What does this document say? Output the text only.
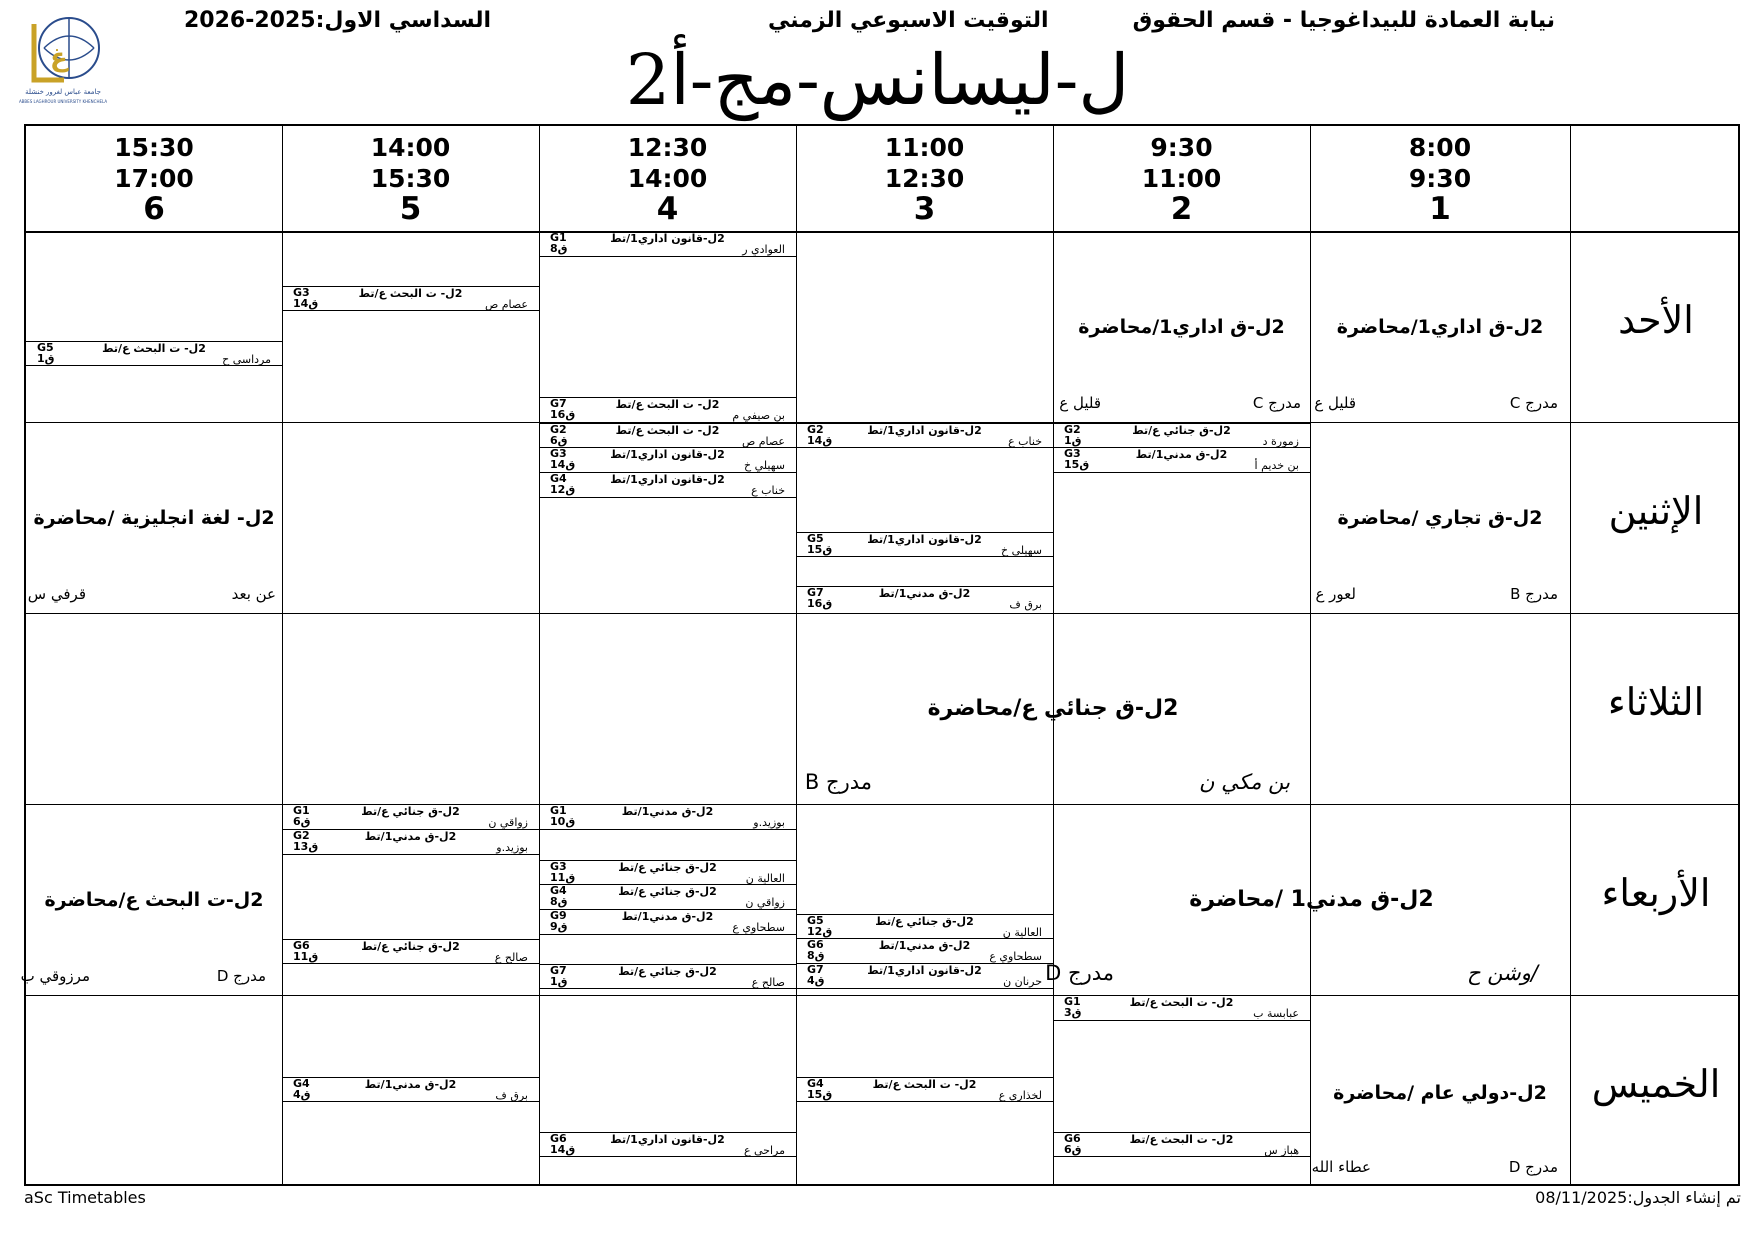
نيابة العمادة للبيداغوجيا - قسم الحقوق
التوقيت الاسبوعي الزمني
السداسي الاول:2025-2026
2ل-ليسانس-مج-أ
غ
جامعة عباس لغرور خنشلة
ABBES LAGHROUR UNIVERSITY KHENCHELA
8:00
9:30
1
9:30
11:00
2
11:00
12:30
3
12:30
14:00
4
14:00
15:30
5
15:30
17:00
6
الأحد
الإثنين
الثلاثاء
الأربعاء
الخميس
2ل-ق اداري1/محاضرة
مدرج C
قليل ع
2ل-ق اداري1/محاضرة
مدرج C
قليل ع
2ل-ق تجاري /محاضرة
مدرج B
لعور ع
2ل- لغة انجليزية /محاضرة
عن بعد
قرفي س
2ل-ق جنائي ع/محاضرة
بن مكي ن
مدرج B
2ل-ق مدني1 /محاضرة
/وشن ح
مدرج D
2ل-ت البحث ع/محاضرة
مدرج D
مرزوقي ب
2ل-دولي عام /محاضرة
مدرج D
عطاء الله
G1
ق8
2ل-قانون اداري1/تط
العوادي ر
G7
ق16
2ل- ت البحث ع/تط
بن صيفي م
G3
ق14
2ل- ت البحث ع/تط
عصام ص
G5
ق1
2ل- ت البحث ع/تط
مرداسي ح
G2
ق1
2ل-ق جنائي ع/تط
زمورة د
G3
ق15
2ل-ق مدني1/تط
بن خديم أ
G2
ق14
2ل-قانون اداري1/تط
خناب ع
G5
ق15
2ل-قانون اداري1/تط
سهيلي خ
G7
ق16
2ل-ق مدني1/تط
برق ف
G2
ق6
2ل- ت البحث ع/تط
عصام ص
G3
ق14
2ل-قانون اداري1/تط
سهيلي خ
G4
ق12
2ل-قانون اداري1/تط
خناب ع
G5
ق12
2ل-ق جنائي ع/تط
العالية ن
G6
ق8
2ل-ق مدني1/تط
سطحاوي ع
G7
ق4
2ل-قانون اداري1/تط
حرنان ن
G1
ق10
2ل-ق مدني1/تط
بوزيد.و
G3
ق11
2ل-ق جنائي ع/تط
العالية ن
G4
ق8
2ل-ق جنائي ع/تط
زواقي ن
G9
ق9
2ل-ق مدني1/تط
سطحاوي ع
G7
ق1
2ل-ق جنائي ع/تط
صالح ع
G1
ق6
2ل-ق جنائي ع/تط
زواقي ن
G2
ق13
2ل-ق مدني1/تط
بوزيد.و
G6
ق11
2ل-ق جنائي ع/تط
صالح ع
G1
ق3
2ل- ت البحث ع/تط
عبابسة ب
G6
ق6
2ل- ت البحث ع/تط
هباز س
G4
ق15
2ل- ت البحث ع/تط
لخذاري ع
G6
ق14
2ل-قانون اداري1/تط
مراحي ع
G4
ق4
2ل-ق مدني1/تط
برق ف
aSc Timetables	تم إنشاء الجدول:08/11/2025
